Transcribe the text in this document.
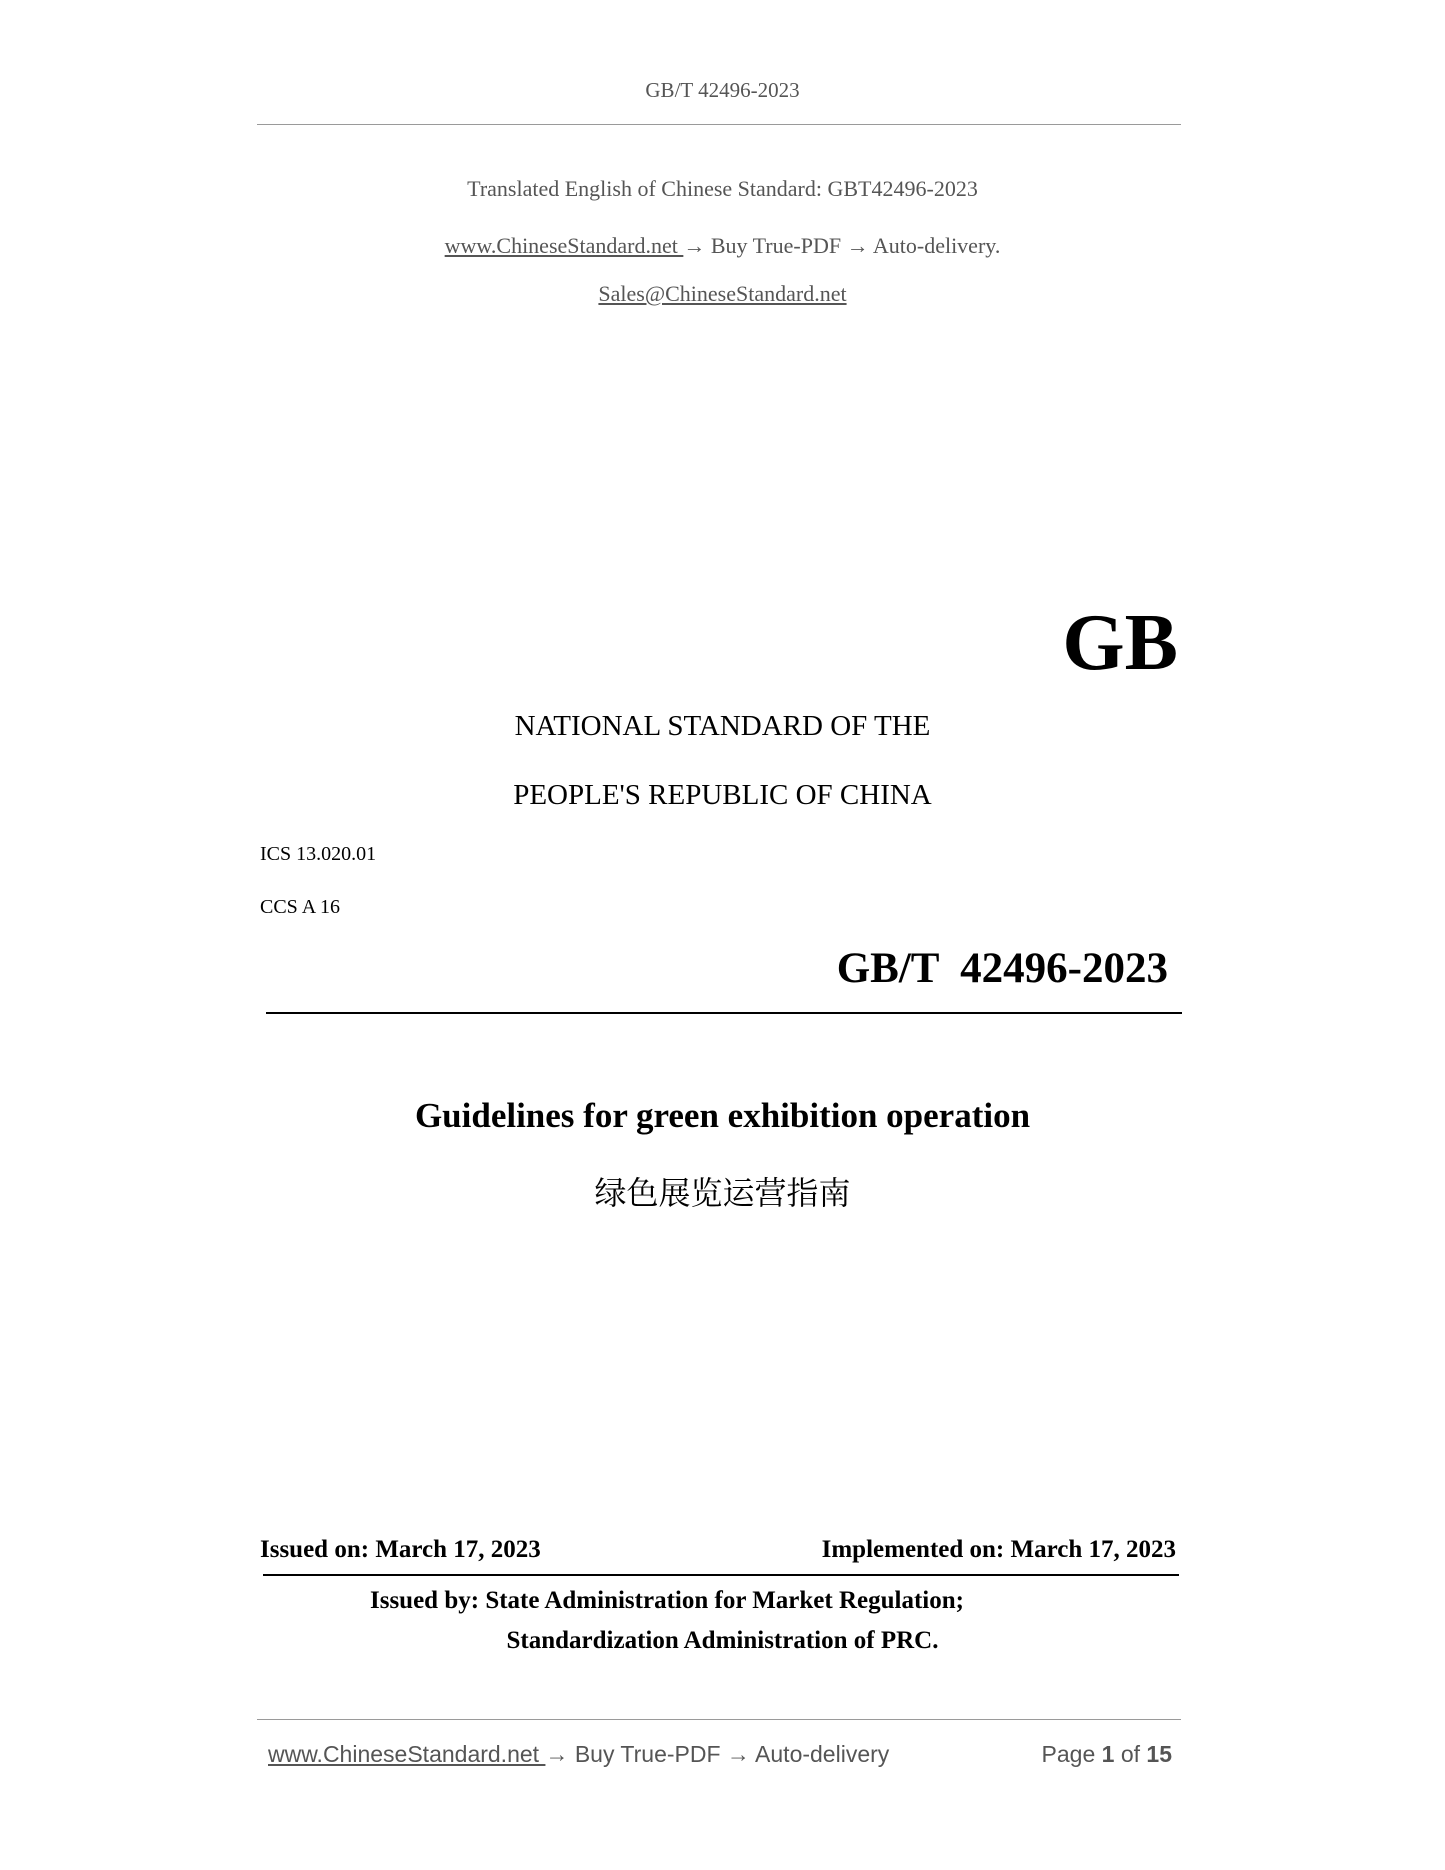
GB/T 42496-2023
Translated English of Chinese Standard: GBT42496-2023
www.ChineseStandard.net → Buy True-PDF → Auto-delivery.
Sales@ChineseStandard.net
GB
NATIONAL STANDARD OF THE
PEOPLE'S REPUBLIC OF CHINA
ICS 13.020.01
CCS A 16
GB/T  42496-2023
Guidelines for green exhibition operation
绿色展览运营指南
Issued on: March 17, 2023	Implemented on: March 17, 2023
Issued by: State Administration for Market Regulation;
Standardization Administration of PRC.
www.ChineseStandard.net → Buy True-PDF → Auto-delivery	Page 1 of 15
